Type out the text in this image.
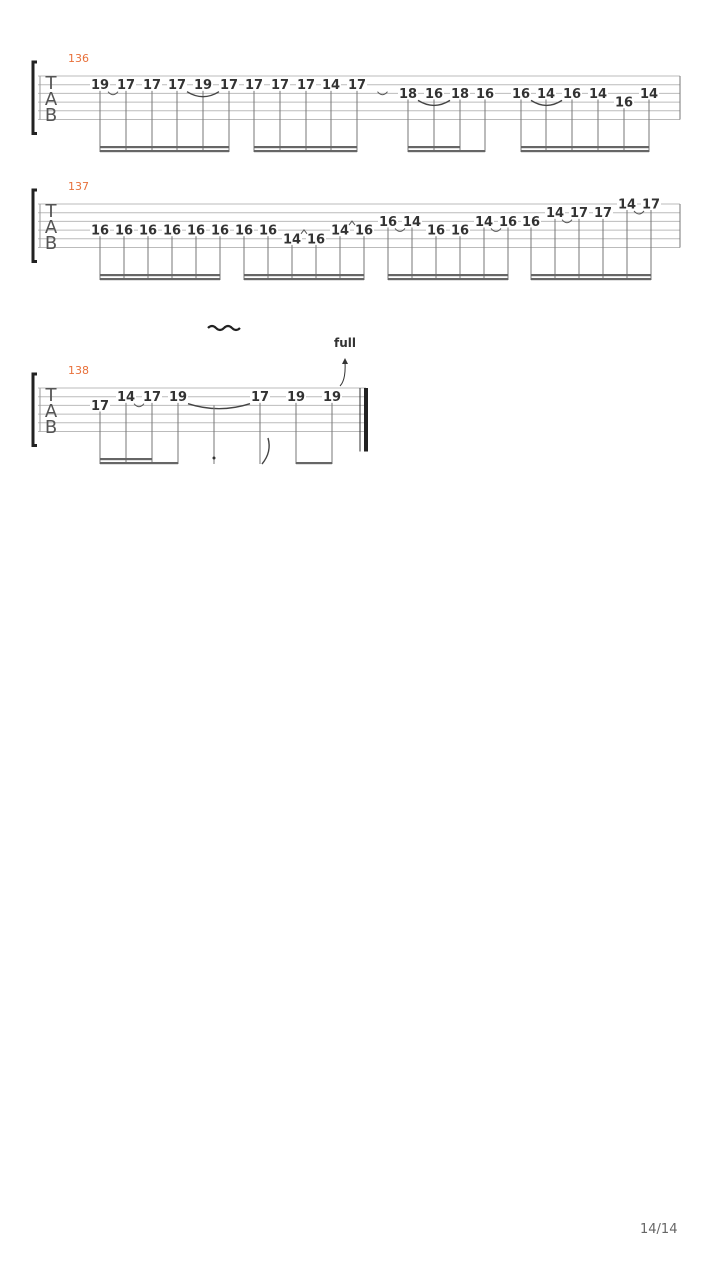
T
A
B
136
19 17 17 17 19 17 17 17 17 14 17
18 16 18 16 16 14 16 14
16
14
T
A
B
137
16 16 16 16 16 16 16 16
14 16
14 16
16 14
16 16
14 16 16
14 17 17
14 17
T
A
B
138
17
14 17 19	17 19 19
full
14/14
